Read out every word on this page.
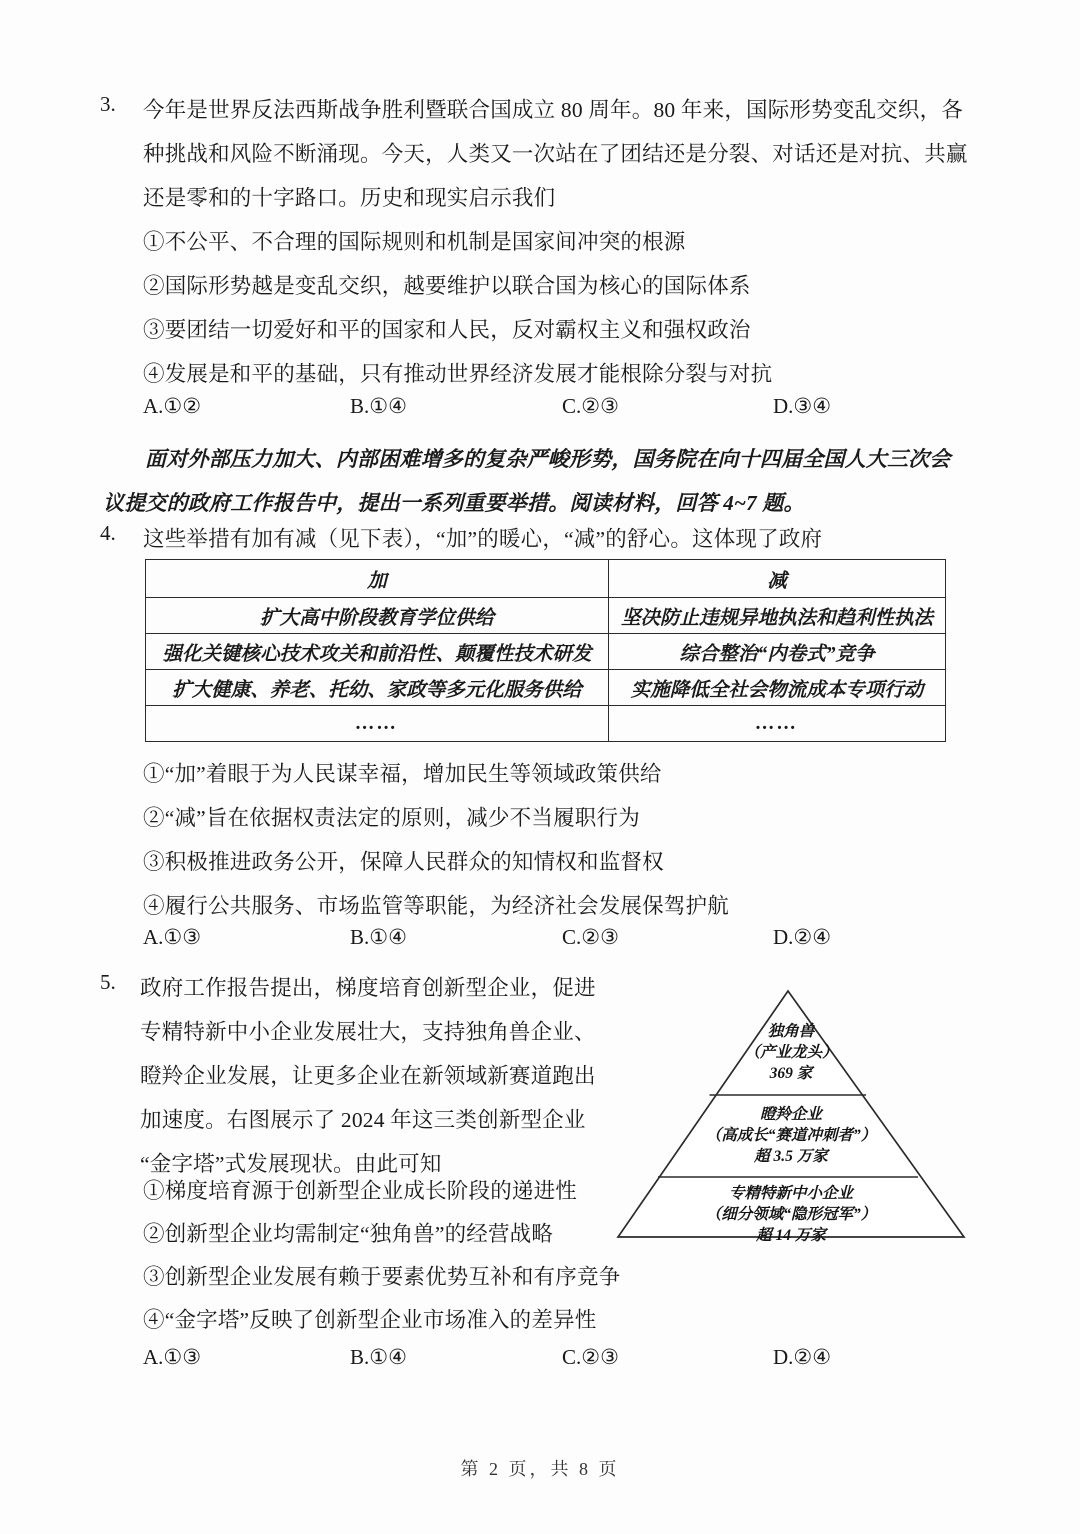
3. 今年是世界反法西斯战争胜利暨联合国成立 80 周年。80 年来，国际形势变乱交织，各
种挑战和风险不断涌现。今天，人类又一次站在了团结还是分裂、对话还是对抗、共赢
还是零和的十字路口。历史和现实启示我们
①不公平、不合理的国际规则和机制是国家间冲突的根源
②国际形势越是变乱交织，越要维护以联合国为核心的国际体系
③要团结一切爱好和平的国家和人民，反对霸权主义和强权政治
④发展是和平的基础，只有推动世界经济发展才能根除分裂与对抗
A.①②	B.①④	C.②③	D.③④
面对外部压力加大、内部困难增多的复杂严峻形势，国务院在向十四届全国人大三次会
议提交的政府工作报告中，提出一系列重要举措。阅读材料，回答 4~7 题。
4. 这些举措有加有减（见下表），“加”的暖心，“减”的舒心。这体现了政府
加	减
扩大高中阶段教育学位供给	坚决防止违规异地执法和趋利性执法
强化关键核心技术攻关和前沿性、颠覆性技术研发	综合整治“内卷式”竞争
扩大健康、养老、托幼、家政等多元化服务供给	实施降低全社会物流成本专项行动
……	……
①“加”着眼于为人民谋幸福，增加民生等领域政策供给
②“减”旨在依据权责法定的原则，减少不当履职行为
③积极推进政务公开，保障人民群众的知情权和监督权
④履行公共服务、市场监管等职能，为经济社会发展保驾护航
A.①③	B.①④	C.②③	D.②④
5. 政府工作报告提出，梯度培育创新型企业，促进
专精特新中小企业发展壮大，支持独角兽企业、
瞪羚企业发展，让更多企业在新领域新赛道跑出
加速度。右图展示了 2024 年这三类创新型企业
“金字塔”式发展现状。由此可知
独角兽
（产业龙头）
369 家
瞪羚企业
（高成长“赛道冲刺者”）
超 3.5 万家
专精特新中小企业
（细分领域“隐形冠军”）
超 14 万家
①梯度培育源于创新型企业成长阶段的递进性
②创新型企业均需制定“独角兽”的经营战略
③创新型企业发展有赖于要素优势互补和有序竞争
④“金字塔”反映了创新型企业市场准入的差异性
A.①③	B.①④	C.②③	D.②④
第 2 页，共 8 页
